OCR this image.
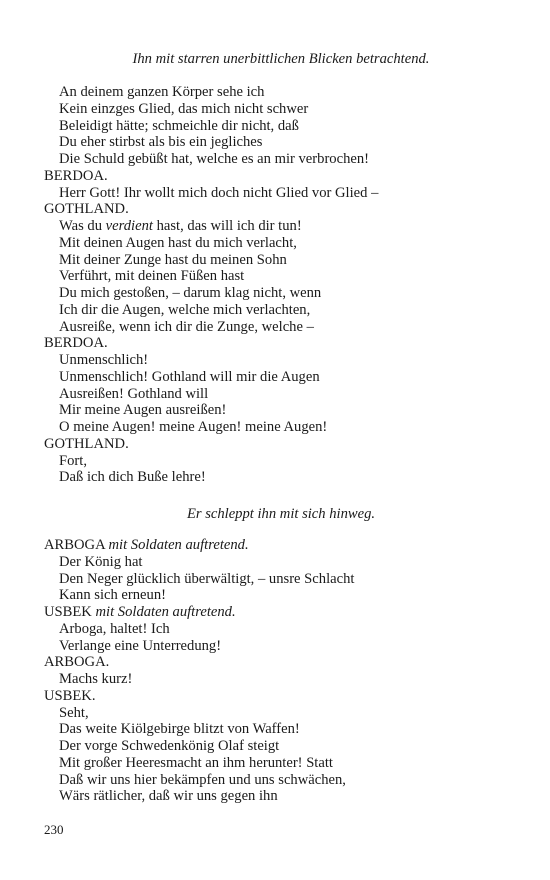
Ihn mit starren unerbittlichen Blicken betrachtend.
An deinem ganzen Körper sehe ich
Kein einzges Glied, das mich nicht schwer
Beleidigt hätte; schmeichle dir nicht, daß
Du eher stirbst als bis ein jegliches
Die Schuld gebüßt hat, welche es an mir verbrochen!
BERDOA.
Herr Gott! Ihr wollt mich doch nicht Glied vor Glied –
GOTHLAND.
Was du verdient hast, das will ich dir tun!
Mit deinen Augen hast du mich verlacht,
Mit deiner Zunge hast du meinen Sohn
Verführt, mit deinen Füßen hast
Du mich gestoßen, – darum klag nicht, wenn
Ich dir die Augen, welche mich verlachten,
Ausreiße, wenn ich dir die Zunge, welche –
BERDOA.
Unmenschlich!
Unmenschlich! Gothland will mir die Augen
Ausreißen! Gothland will
Mir meine Augen ausreißen!
O meine Augen! meine Augen! meine Augen!
GOTHLAND.
Fort,
Daß ich dich Buße lehre!
Er schleppt ihn mit sich hinweg.
ARBOGA mit Soldaten auftretend.
Der König hat
Den Neger glücklich überwältigt, – unsre Schlacht
Kann sich erneun!
USBEK mit Soldaten auftretend.
Arboga, haltet! Ich
Verlange eine Unterredung!
ARBOGA.
Machs kurz!
USBEK.
Seht,
Das weite Kiölgebirge blitzt von Waffen!
Der vorge Schwedenkönig Olaf steigt
Mit großer Heeresmacht an ihm herunter! Statt
Daß wir uns hier bekämpfen und uns schwächen,
Wärs rätlicher, daß wir uns gegen ihn
230
